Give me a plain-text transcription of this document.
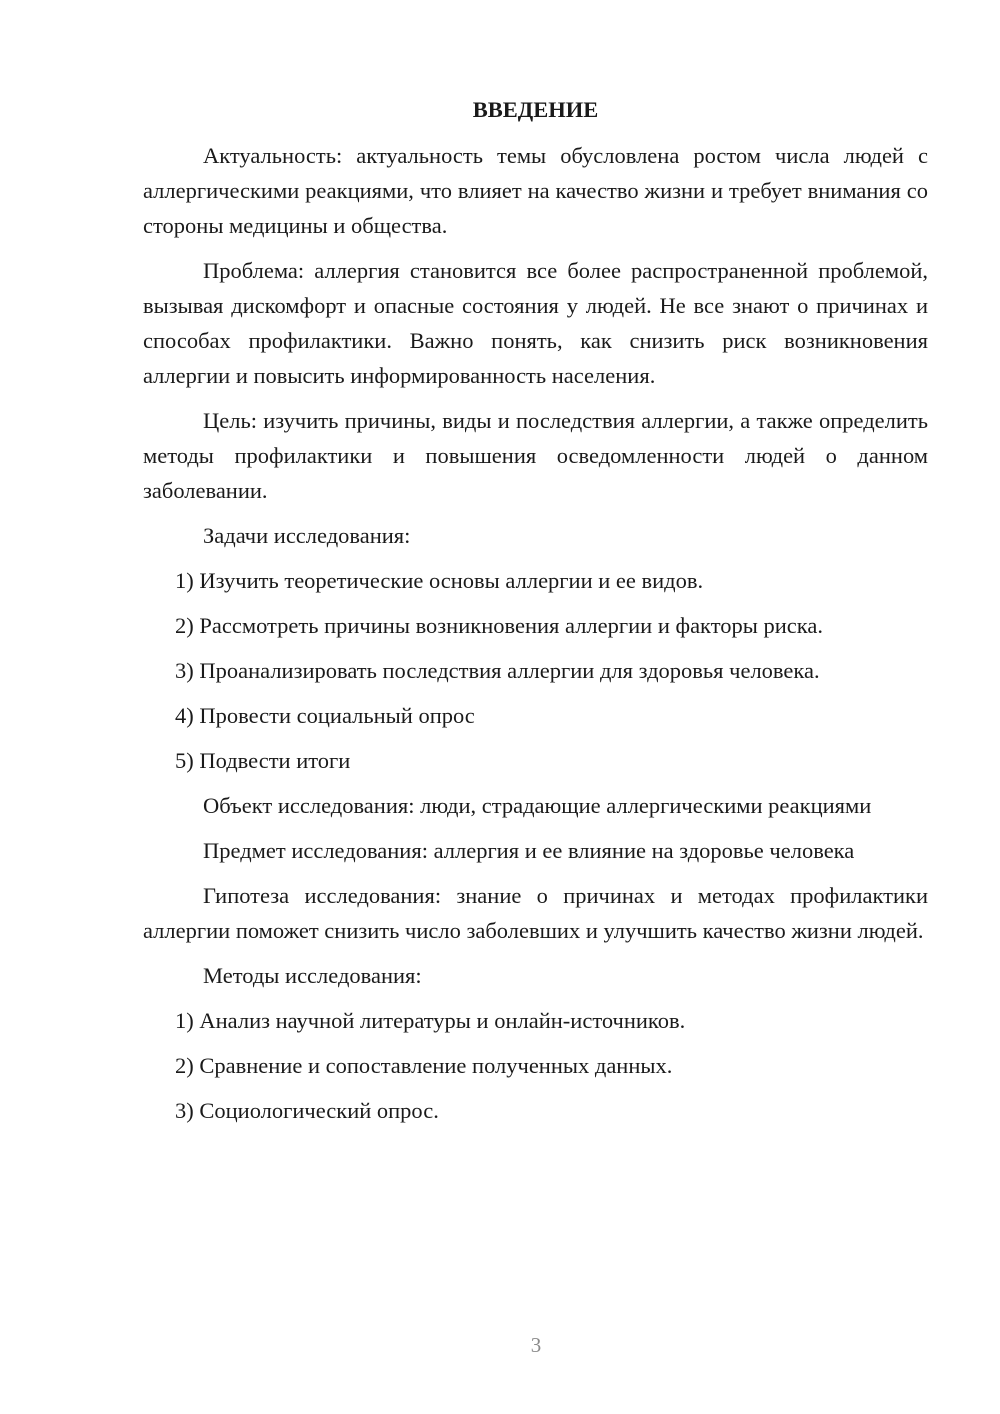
ВВЕДЕНИЕ

Актуальность: актуальность темы обусловлена ростом числа людей с аллергическими реакциями, что влияет на качество жизни и требует внимания со стороны медицины и общества.

Проблема: аллергия становится все более распространенной проблемой, вызывая дискомфорт и опасные состояния у людей. Не все знают о причинах и способах профилактики. Важно понять, как снизить риск возникновения аллергии и повысить информированность населения.

Цель: изучить причины, виды и последствия аллергии, а также определить методы профилактики и повышения осведомленности людей о данном заболевании.

Задачи исследования:

1) Изучить теоретические основы аллергии и ее видов.

2) Рассмотреть причины возникновения аллергии и факторы риска.

3) Проанализировать последствия аллергии для здоровья человека.

4) Провести социальный опрос

5) Подвести итоги

Объект исследования: люди, страдающие аллергическими реакциями

Предмет исследования: аллергия и ее влияние на здоровье человека

Гипотеза исследования: знание о причинах и методах профилактики аллергии поможет снизить число заболевших и улучшить качество жизни людей.

Методы исследования:

1) Анализ научной литературы и онлайн-источников.

2) Сравнение и сопоставление полученных данных.

3) Социологический опрос.

3
